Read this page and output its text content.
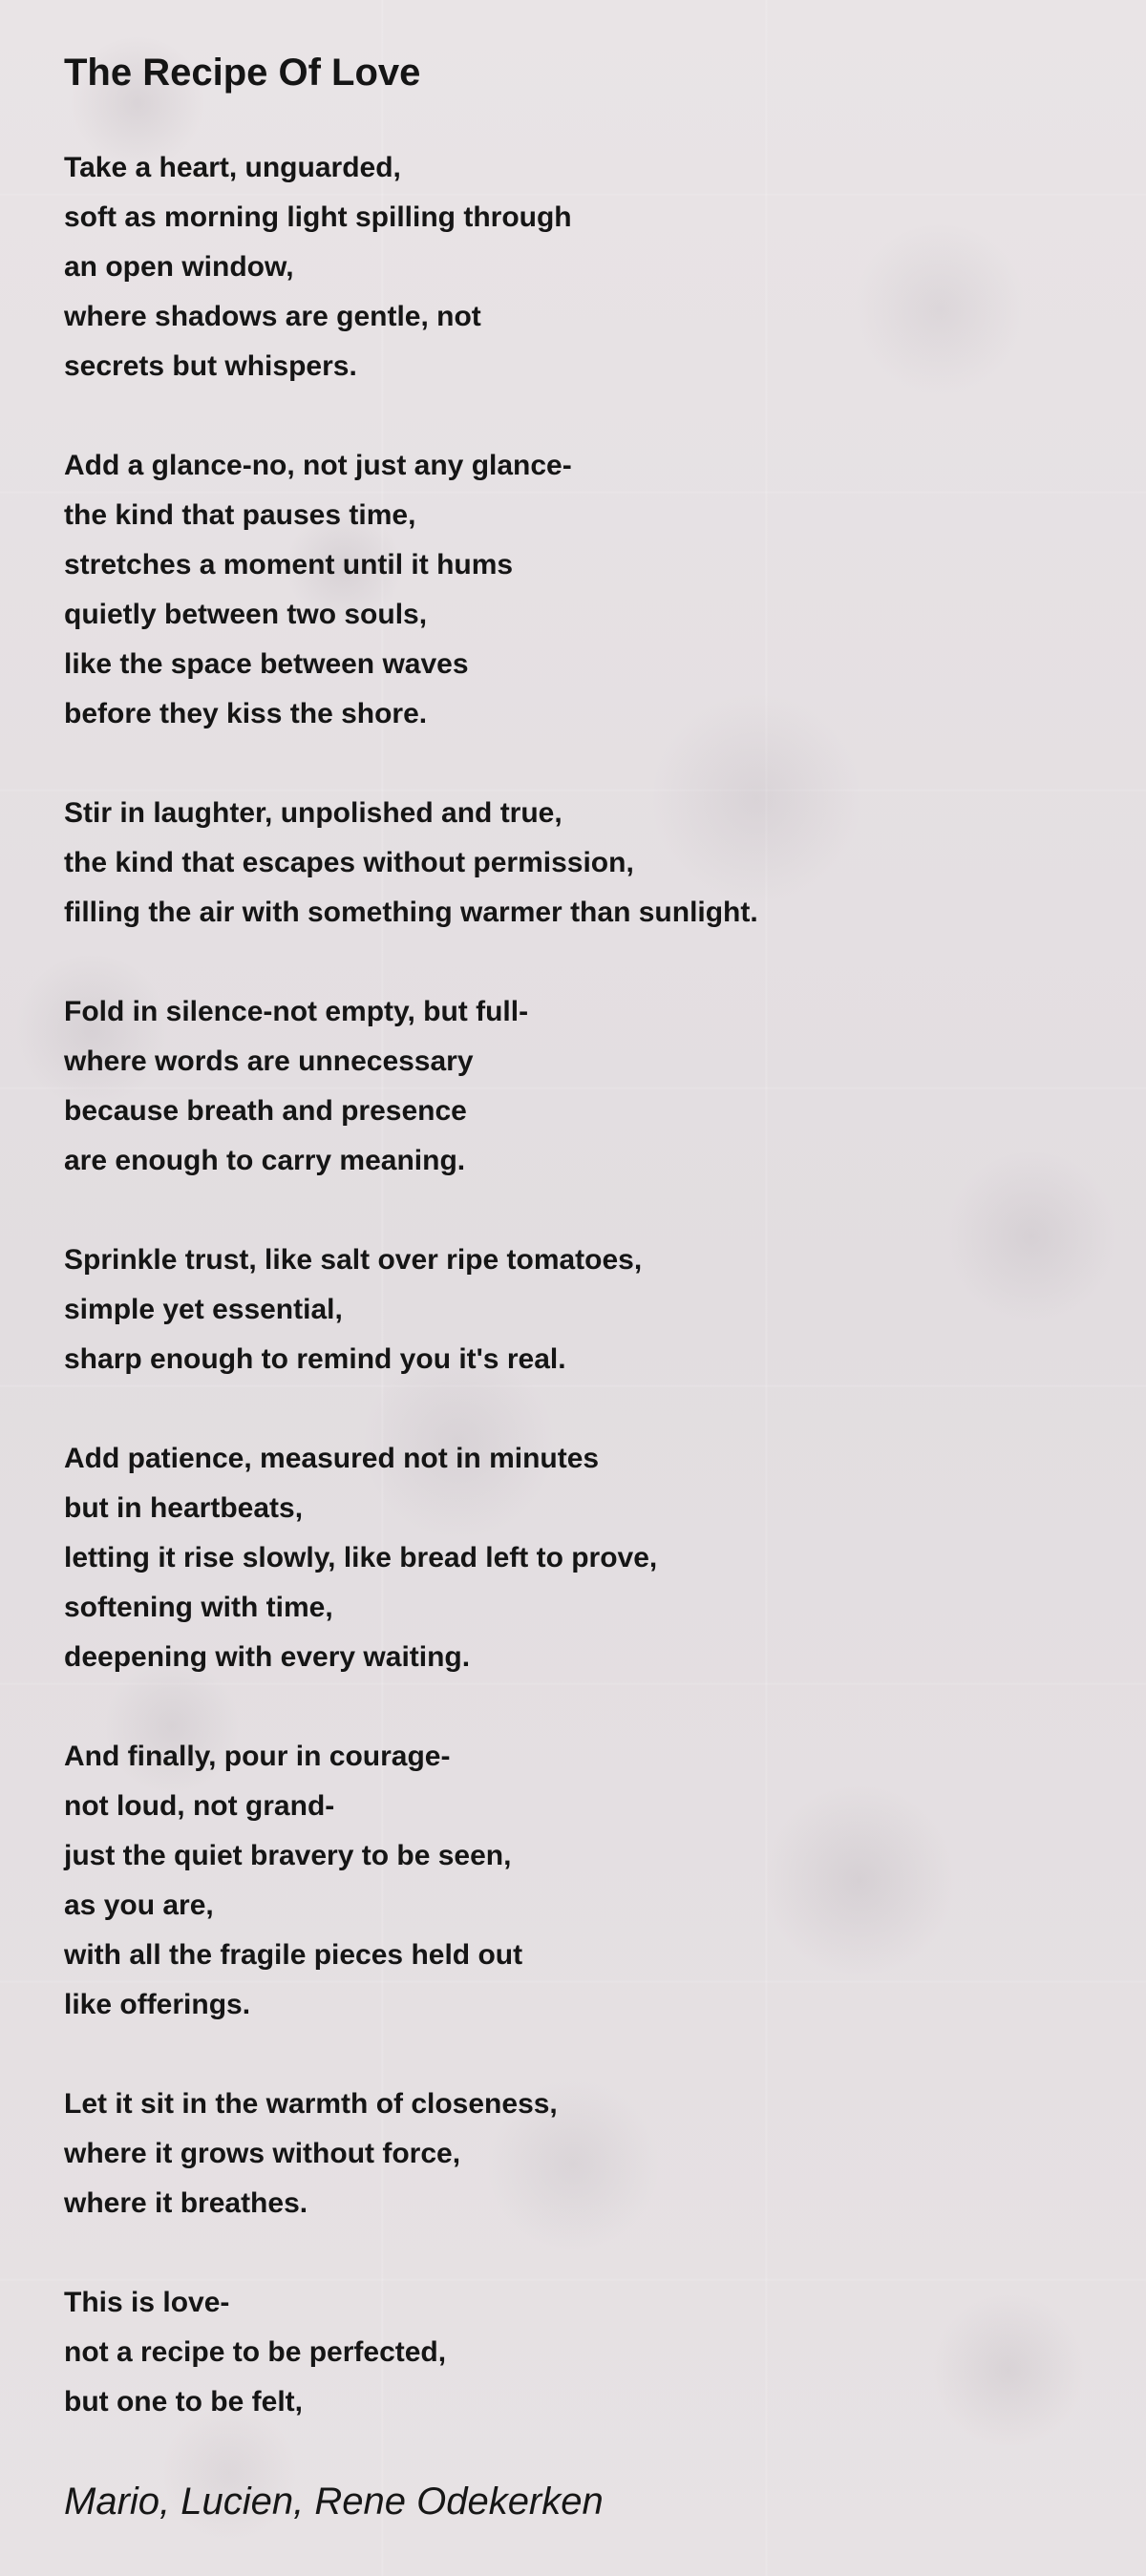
The Recipe Of Love
Take a heart, unguarded,
soft as morning light spilling through
an open window,
where shadows are gentle, not
secrets but whispers.
Add a glance-no, not just any glance-
the kind that pauses time,
stretches a moment until it hums
quietly between two souls,
like the space between waves
before they kiss the shore.
Stir in laughter, unpolished and true,
the kind that escapes without permission,
filling the air with something warmer than sunlight.
Fold in silence-not empty, but full-
where words are unnecessary
because breath and presence
are enough to carry meaning.
Sprinkle trust, like salt over ripe tomatoes,
simple yet essential,
sharp enough to remind you it's real.
Add patience, measured not in minutes
but in heartbeats,
letting it rise slowly, like bread left to prove,
softening with time,
deepening with every waiting.
And finally, pour in courage-
not loud, not grand-
just the quiet bravery to be seen,
as you are,
with all the fragile pieces held out
like offerings.
Let it sit in the warmth of closeness,
where it grows without force,
where it breathes.
This is love-
not a recipe to be perfected,
but one to be felt,
Mario, Lucien, Rene Odekerken
